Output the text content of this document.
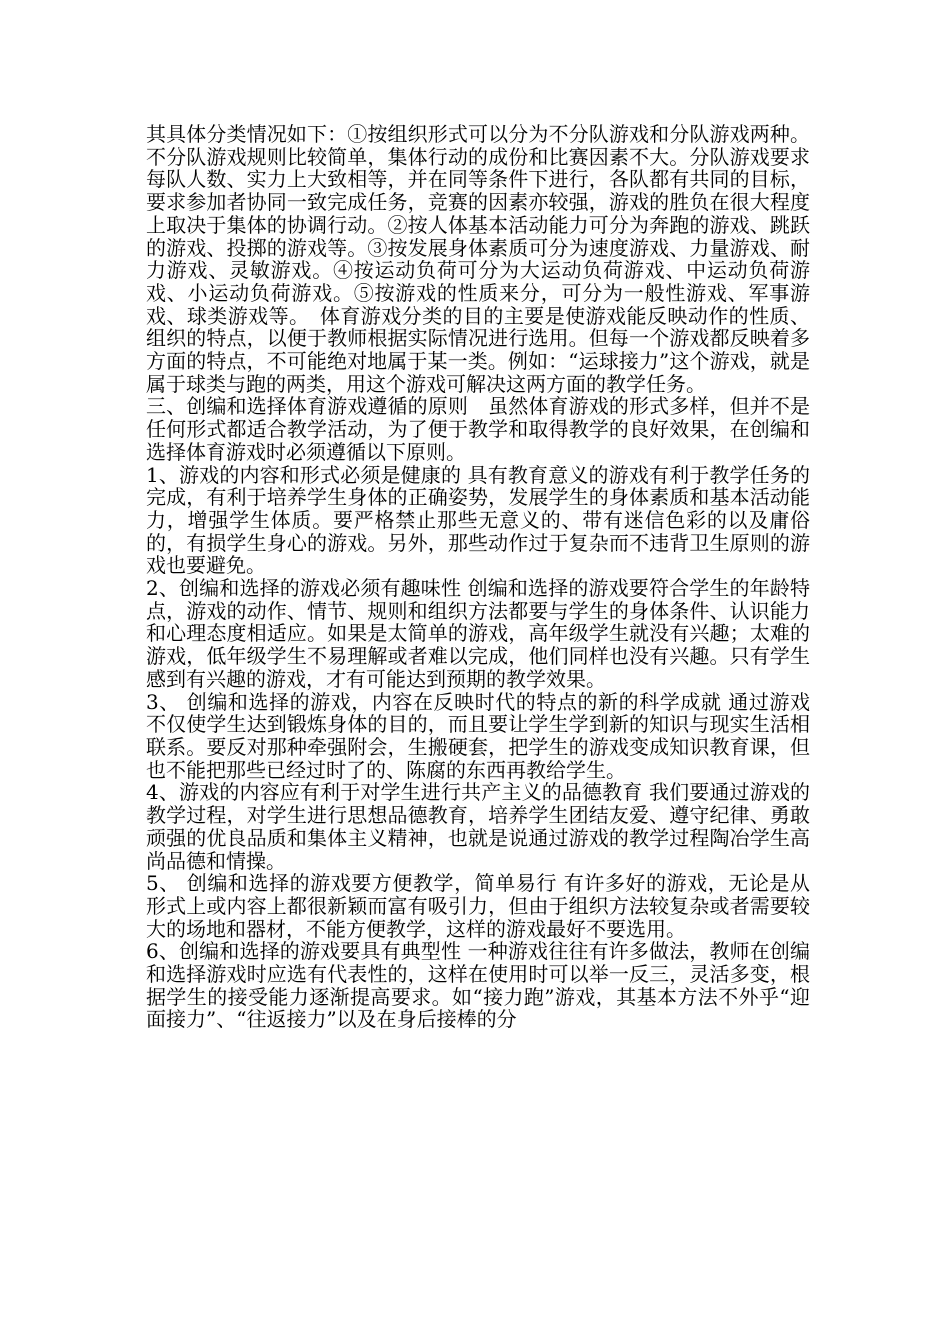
其具体分类情况如下：①按组织形式可以分为不分队游戏和分队游戏两种。不分队游戏规则比较简单，集体行动的成份和比赛因素不大。分队游戏要求每队人数、实力上大致相等，并在同等条件下进行，各队都有共同的目标，要求参加者协同一致完成任务，竞赛的因素亦较强，游戏的胜负在很大程度上取决于集体的协调行动。②按人体基本活动能力可分为奔跑的游戏、跳跃的游戏、投掷的游戏等。③按发展身体素质可分为速度游戏、力量游戏、耐力游戏、灵敏游戏。④按运动负荷可分为大运动负荷游戏、中运动负荷游戏、小运动负荷游戏。⑤按游戏的性质来分，可分为一般性游戏、军事游戏、球类游戏等。　体育游戏分类的目的主要是使游戏能反映动作的性质、组织的特点，以便于教师根据实际情况进行选用。但每一个游戏都反映着多方面的特点，不可能绝对地属于某一类。例如：“运球接力”这个游戏，就是属于球类与跑的两类，用这个游戏可解决这两方面的教学任务。

三、创编和选择体育游戏遵循的原则　虽然体育游戏的形式多样，但并不是任何形式都适合教学活动，为了便于教学和取得教学的良好效果，在创编和选择体育游戏时必须遵循以下原则。

1、游戏的内容和形式必须是健康的 具有教育意义的游戏有利于教学任务的完成，有利于培养学生身体的正确姿势，发展学生的身体素质和基本活动能力，增强学生体质。要严格禁止那些无意义的、带有迷信色彩的以及庸俗的，有损学生身心的游戏。另外，那些动作过于复杂而不违背卫生原则的游戏也要避免。

2、创编和选择的游戏必须有趣味性 创编和选择的游戏要符合学生的年龄特点，游戏的动作、情节、规则和组织方法都要与学生的身体条件、认识能力和心理态度相适应。如果是太简单的游戏，高年级学生就没有兴趣；太难的游戏，低年级学生不易理解或者难以完成，他们同样也没有兴趣。只有学生感到有兴趣的游戏，才有可能达到预期的教学效果。

3、 创编和选择的游戏，内容在反映时代的特点的新的科学成就 通过游戏不仅使学生达到锻炼身体的目的，而且要让学生学到新的知识与现实生活相联系。要反对那种牵强附会，生搬硬套，把学生的游戏变成知识教育课，但也不能把那些已经过时了的、陈腐的东西再教给学生。

4、游戏的内容应有利于对学生进行共产主义的品德教育 我们要通过游戏的教学过程，对学生进行思想品德教育，培养学生团结友爱、遵守纪律、勇敢顽强的优良品质和集体主义精神，也就是说通过游戏的教学过程陶冶学生高尚品德和情操。

5、 创编和选择的游戏要方便教学，简单易行 有许多好的游戏，无论是从形式上或内容上都很新颖而富有吸引力，但由于组织方法较复杂或者需要较大的场地和器材，不能方便教学，这样的游戏最好不要选用。

6、创编和选择的游戏要具有典型性 一种游戏往往有许多做法，教师在创编和选择游戏时应选有代表性的，这样在使用时可以举一反三，灵活多变，根据学生的接受能力逐渐提高要求。如“接力跑”游戏，其基本方法不外乎“迎面接力”、“往返接力”以及在身后接棒的分
